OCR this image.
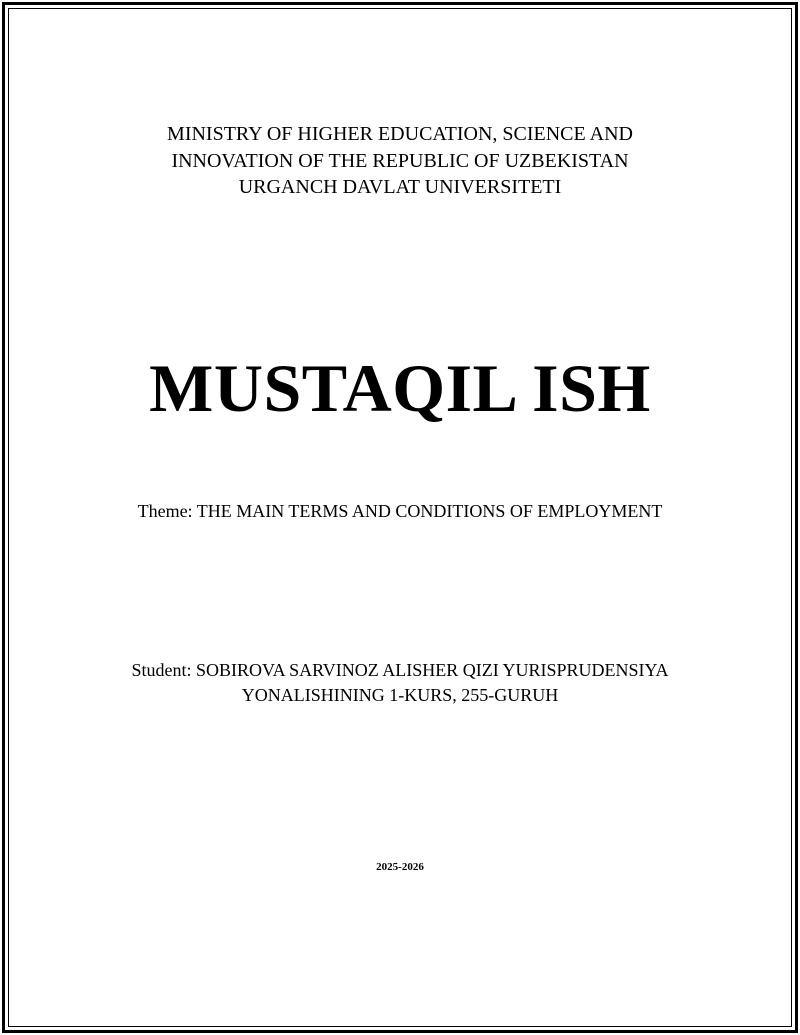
MINISTRY OF HIGHER EDUCATION, SCIENCE AND
INNOVATION OF THE REPUBLIC OF UZBEKISTAN
URGANCH DAVLAT UNIVERSITETI
MUSTAQIL ISH
Theme: THE MAIN TERMS AND CONDITIONS OF EMPLOYMENT
Student: SOBIROVA SARVINOZ ALISHER QIZI YURISPRUDENSIYA
YONALISHINING 1-KURS, 255-GURUH
2025-2026
